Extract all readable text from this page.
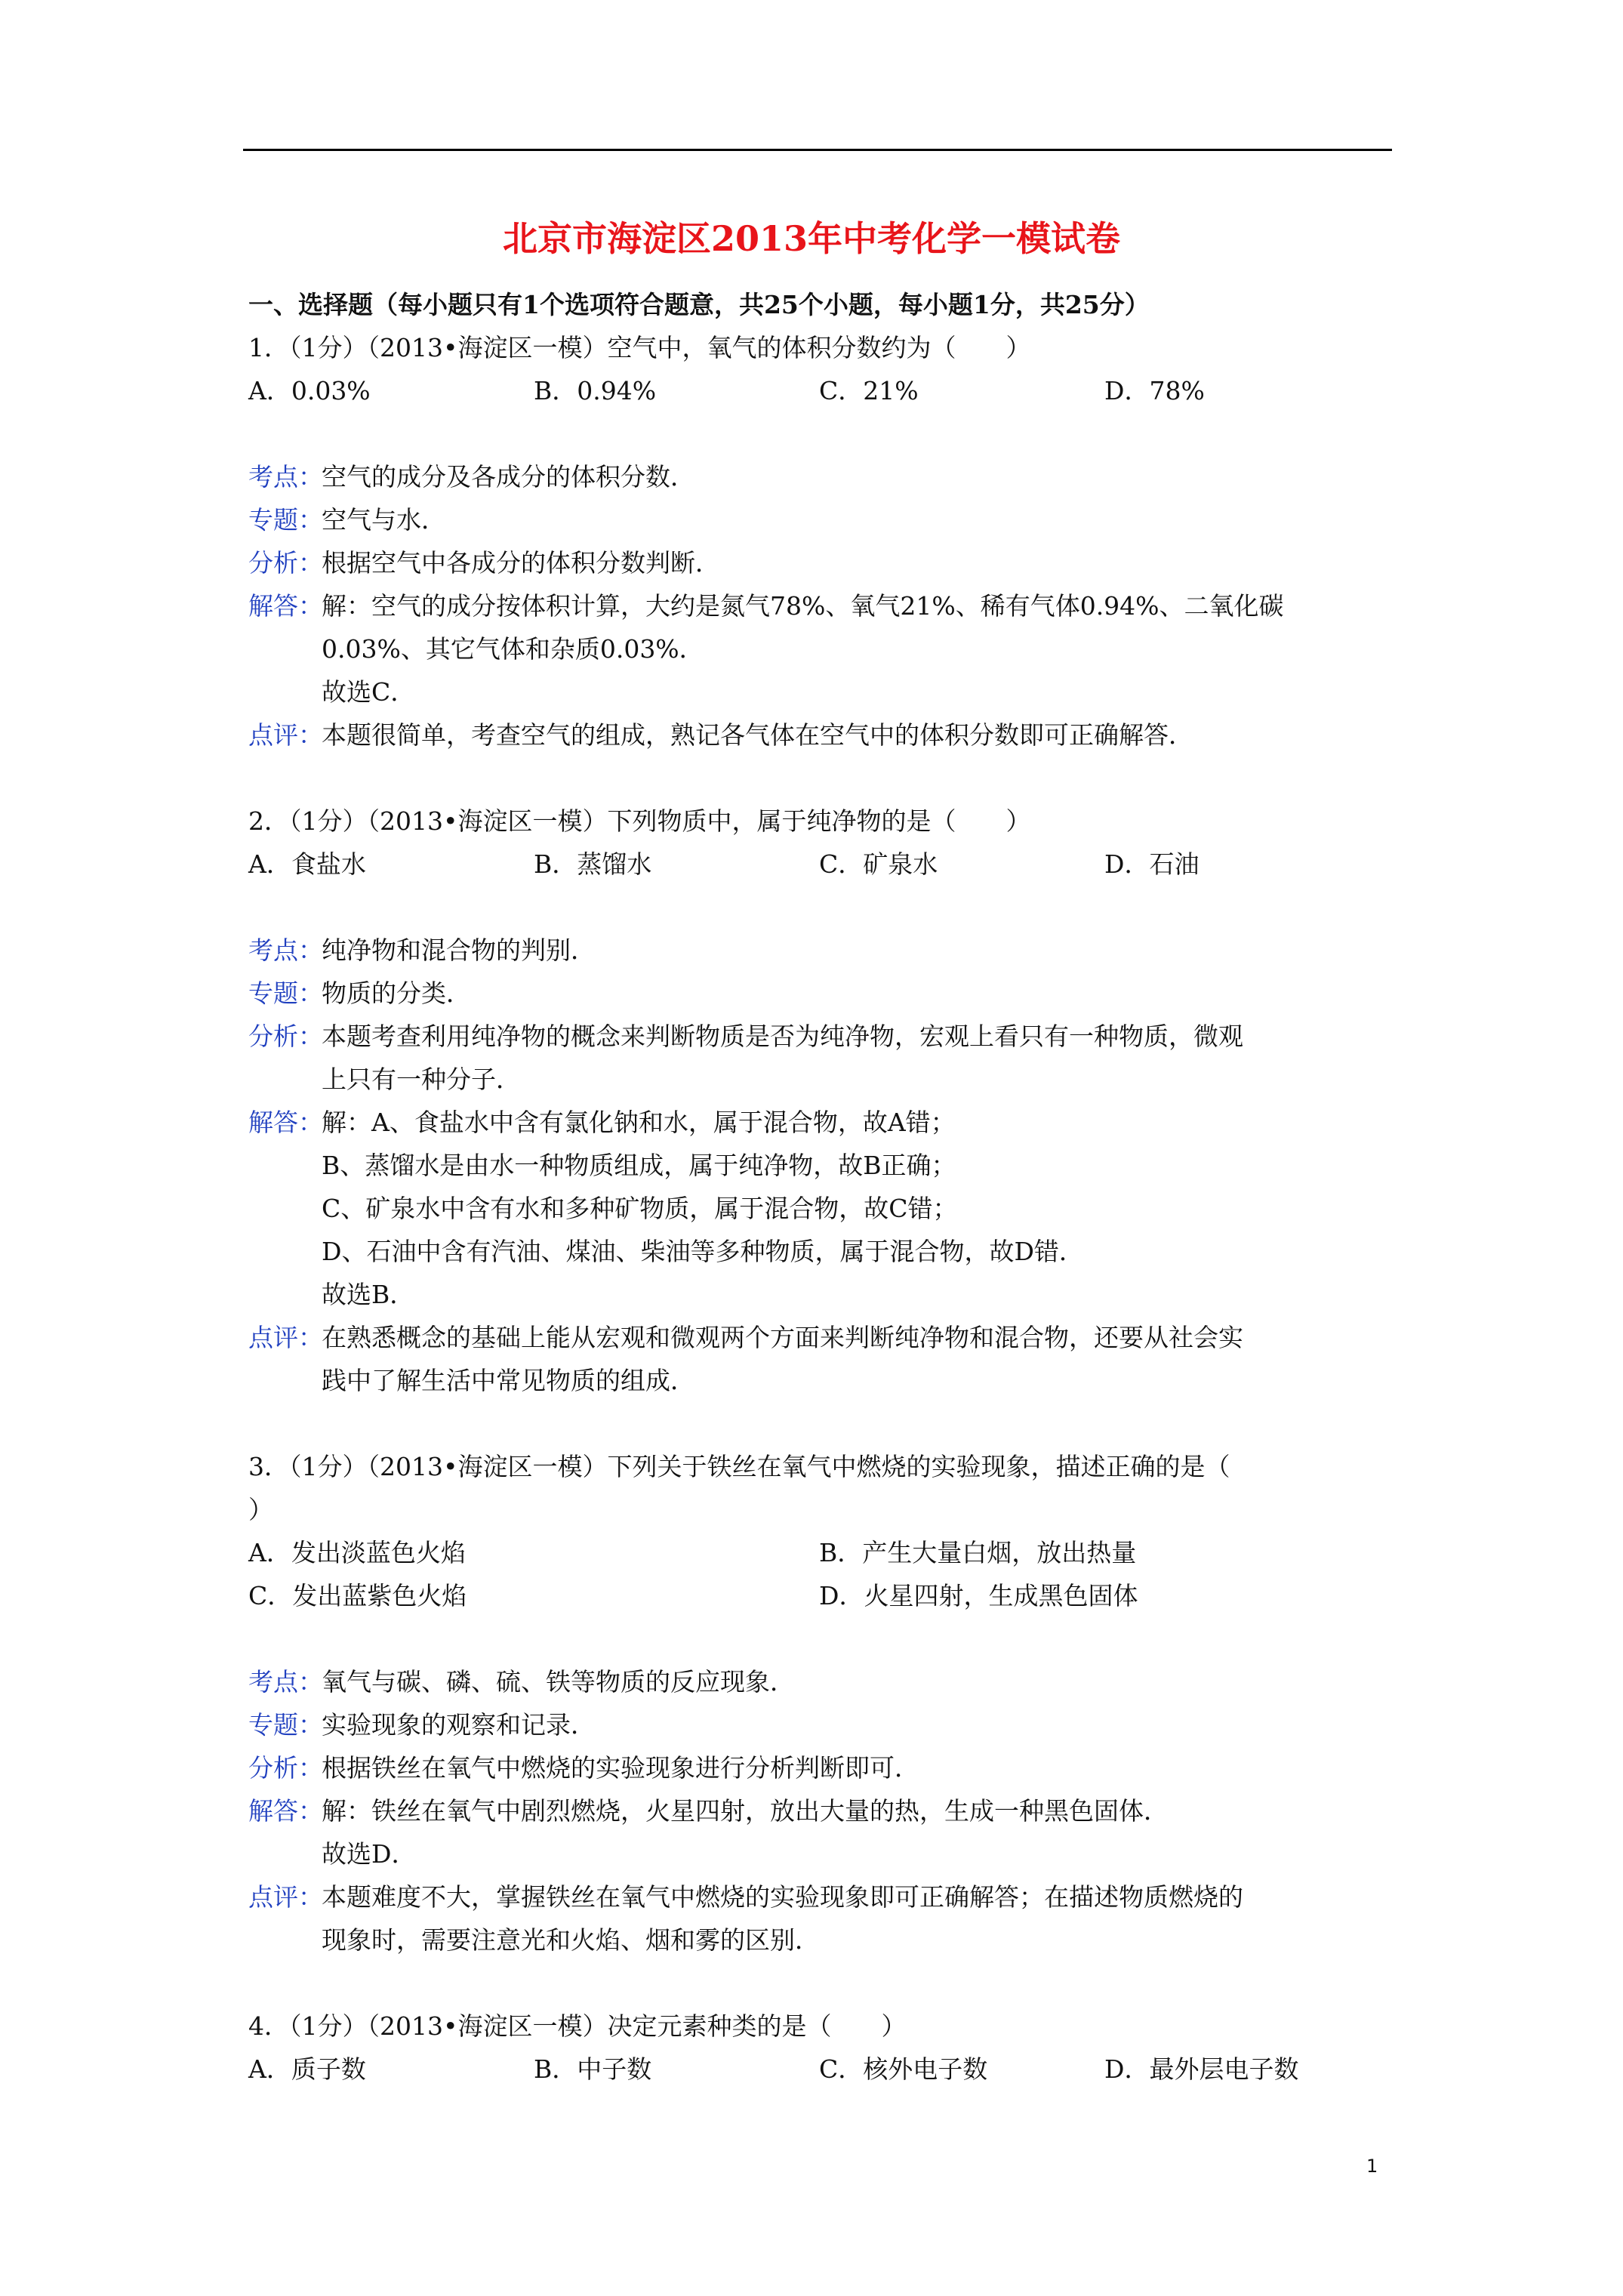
北京市海淀区2013年中考化学一模试卷
一、选择题（每小题只有1个选项符合题意，共25个小题，每小题1分，共25分）
1．（1分）（2013•海淀区一模）空气中，氧气的体积分数约为（　　）
A．0.03%	B．0.94%	C．21%	D．78%
考点：
空气的成分及各成分的体积分数．
专题：
空气与水．
分析：
根据空气中各成分的体积分数判断．
解答：
解：空气的成分按体积计算，大约是氮气78%、氧气21%、稀有气体0.94%、二氧化碳
0.03%、其它气体和杂质0.03%．
故选C．
点评：
本题很简单，考查空气的组成，熟记各气体在空气中的体积分数即可正确解答．
2．（1分）（2013•海淀区一模）下列物质中，属于纯净物的是（　　）
A．食盐水	B．蒸馏水	C．矿泉水	D．石油
考点：
纯净物和混合物的判别．
专题：
物质的分类．
分析：
本题考查利用纯净物的概念来判断物质是否为纯净物，宏观上看只有一种物质，微观
上只有一种分子．
解答：
解：A、食盐水中含有氯化钠和水，属于混合物，故A错；
B、蒸馏水是由水一种物质组成，属于纯净物，故B正确；
C、矿泉水中含有水和多种矿物质，属于混合物，故C错；
D、石油中含有汽油、煤油、柴油等多种物质，属于混合物，故D错．
故选B．
点评：
在熟悉概念的基础上能从宏观和微观两个方面来判断纯净物和混合物，还要从社会实
践中了解生活中常见物质的组成．
3．（1分）（2013•海淀区一模）下列关于铁丝在氧气中燃烧的实验现象，描述正确的是（
）
A．发出淡蓝色火焰	B．产生大量白烟，放出热量
C．发出蓝紫色火焰	D．火星四射，生成黑色固体
考点：
氧气与碳、磷、硫、铁等物质的反应现象．
专题：
实验现象的观察和记录．
分析：
根据铁丝在氧气中燃烧的实验现象进行分析判断即可．
解答：
解：铁丝在氧气中剧烈燃烧，火星四射，放出大量的热，生成一种黑色固体．
故选D．
点评：
本题难度不大，掌握铁丝在氧气中燃烧的实验现象即可正确解答；在描述物质燃烧的
现象时，需要注意光和火焰、烟和雾的区别．
4．（1分）（2013•海淀区一模）决定元素种类的是（　　）
A．质子数	B．中子数	C．核外电子数	D．最外层电子数
1
